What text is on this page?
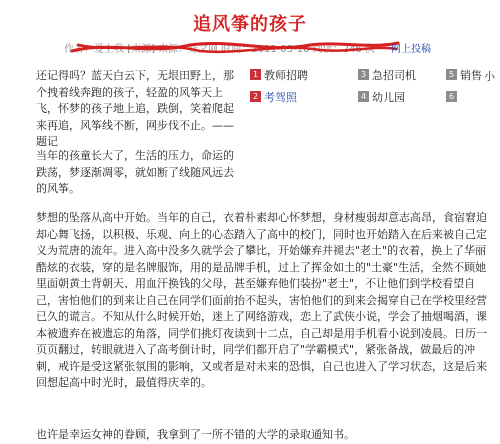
追风筝的孩子
作者：爱上我 [来源] 来源：好文网 时间：2011-03-16 阅读：246 次	网上投稿

还记得吗？蓝天白云下，无垠田野上，那个拽着线奔跑的孩子，轻盈的风筝天上飞，怀梦的孩子地上追，跌倒，笑着爬起来再追，风筝线不断，网步伐不止。——题记

当年的孩童长大了，生活的压力，命运的跌荡，梦逐渐凋零，就如断了线随风远去的风筝。

1 教师招聘	3 急招司机	5 销售
2 考驾照	4 幼儿园	6
小

梦想的坠落从高中开始。当年的自己，衣着朴素却心怀梦想，身材瘦弱却意志高昂，食宿窘迫却心舞飞扬，以积极、乐观、向上的心态踏入了高中的校门，同时也开始踏入在后来被自己定义为荒唐的流年。进入高中没多久就学会了攀比，开始嫌弃并褪去"老土"的衣着，换上了华丽酷炫的衣装，穿的是名牌服饰，用的是品牌手机，过上了挥金如土的"土豪"生活，全然不顾她里面朝黄土背朝天、用血汗换钱的父母，甚至嫌弃他们装扮"老土"，不让他们到学校看望自己，害怕他们的到来让自己在同学们面前抬不起头，害怕他们的到来会揭穿自己在学校里经营已久的谎言。不知从什么时候开始，迷上了网络游戏，恋上了武侠小说，学会了抽烟喝酒，课本被遗弃在被遗忘的角落，同学们挑灯夜读到十二点，自己却是用手机看小说到凌晨。日历一页页翻过，转眼就进入了高考倒计时，同学们都开启了"学霸模式"，紧张备战，做最后的冲刺，戒许是受这紧张氛围的影响，又或者是对未来的恐惧，自己也进入了学习状态，这是后来回想起高中时光时，最值得庆幸的。

也许是幸运女神的眷顾，我拿到了一所不错的大学的录取通知书。
